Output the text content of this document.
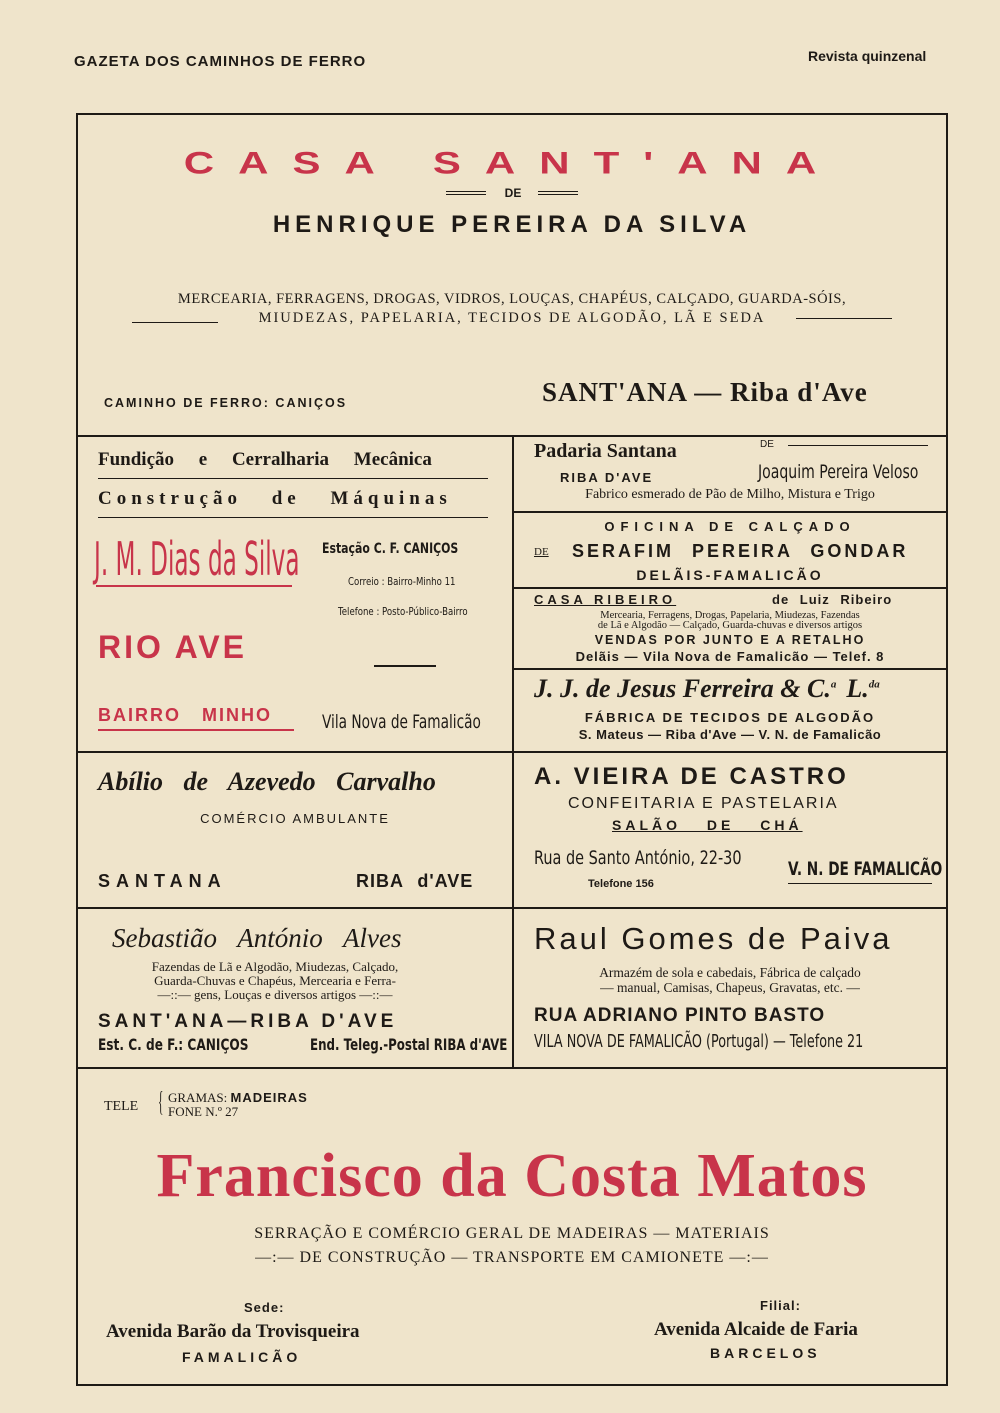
GAZETA DOS CAMINHOS DE FERRO	Revista quinzenal
CASA SANT'ANA
DE
HENRIQUE PEREIRA DA SILVA
MERCEARIA, FERRAGENS, DROGAS, VIDROS, LOUÇAS, CHAPÉUS, CALÇADO, GUARDA-SÓIS,
MIUDEZAS, PAPELARIA, TECIDOS DE ALGODÃO, LÃ E SEDA
CAMINHO DE FERRO: CANIÇOS	SANT'ANA — Riba d'Ave
Fundição e Cerralharia Mecânica
Construção de Máquinas
J. M. Dias da Silva Estação C. F. CANIÇOS
Correio : Bairro-Minho 11
Telefone : Posto-Público-Bairro
RIO AVE
BAIRRO MINHO	Vila Nova de Famalicão
Padaria Santana	DE
RIBA D'AVE	Joaquim Pereira Veloso
Fabrico esmerado de Pão de Milho, Mistura e Trigo
OFICINA DE CALÇADO
DE SERAFIM PEREIRA GONDAR
DELÃIS-FAMALICÃO
CASA RIBEIRO	de Luiz Ribeiro
Mercearia, Ferragens, Drogas, Papelaria, Miudezas, Fazendas
de Lã e Algodão — Calçado, Guarda-chuvas e diversos artigos
VENDAS POR JUNTO E A RETALHO
Delãis — Vila Nova de Famalicão — Telef. 8
J. J. de Jesus Ferreira & C.$^a$ L.$^{da}$
FÁBRICA DE TECIDOS DE ALGODÃO
S. Mateus — Riba d'Ave — V. N. de Famalicão
Abílio de Azevedo Carvalho
COMÉRCIO AMBULANTE
SANTANA	RIBA d'AVE
A. VIEIRA DE CASTRO
CONFEITARIA E PASTELARIA
SALÃO DE CHÁ
Rua de Santo António, 22-30
Telefone 156
V. N. DE FAMALICÃO
Sebastião António Alves
Fazendas de Lã e Algodão, Miudezas, Calçado,
Guarda-Chuvas e Chapéus, Mercearia e Ferra-
—::— gens, Louças e diversos artigos —::—
SANT'ANA—RIBA D'AVE
Est. C. de F.: CANIÇOS	End. Teleg.-Postal RIBA d'AVE
Raul Gomes de Paiva
Armazém de sola e cabedais, Fábrica de calçado
— manual, Camisas, Chapeus, Gravatas, etc. —
RUA ADRIANO PINTO BASTO
VILA NOVA DE FAMALICÃO (Portugal) — Telefone 21
TELE { GRAMAS: MADEIRAS
FONE N.º 27
Francisco da Costa Matos
SERRAÇÃO E COMÉRCIO GERAL DE MADEIRAS — MATERIAIS
—:— DE CONSTRUÇÃO — TRANSPORTE EM CAMIONETE —:—
Sede:
Avenida Barão da Trovisqueira
FAMALICÃO
Filial:
Avenida Alcaide de Faria
BARCELOS
